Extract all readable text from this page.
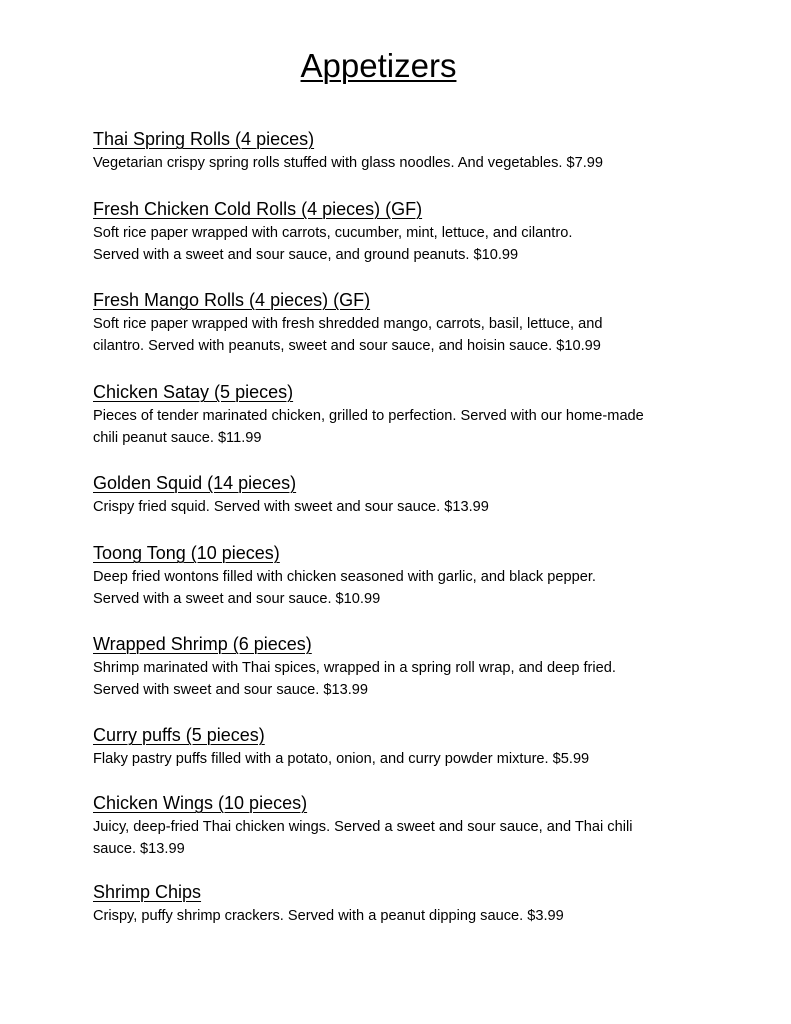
Appetizers
Thai Spring Rolls (4 pieces)
Vegetarian crispy spring rolls stuffed with glass noodles. And vegetables. $7.99
Fresh Chicken Cold Rolls (4 pieces) (GF)
Soft rice paper wrapped with carrots, cucumber, mint, lettuce, and cilantro.
Served with a sweet and sour sauce, and ground peanuts. $10.99
Fresh Mango Rolls (4 pieces) (GF)
Soft rice paper wrapped with fresh shredded mango, carrots, basil, lettuce, and
cilantro. Served with peanuts, sweet and sour sauce, and hoisin sauce. $10.99
Chicken Satay (5 pieces)
Pieces of tender marinated chicken, grilled to perfection. Served with our home-made
chili peanut sauce. $11.99
Golden Squid (14 pieces)
Crispy fried squid. Served with sweet and sour sauce. $13.99
Toong Tong (10 pieces)
Deep fried wontons filled with chicken seasoned with garlic, and black pepper.
Served with a sweet and sour sauce. $10.99
Wrapped Shrimp (6 pieces)
Shrimp marinated with Thai spices, wrapped in a spring roll wrap, and deep fried.
Served with sweet and sour sauce. $13.99
Curry puffs (5 pieces)
Flaky pastry puffs filled with a potato, onion, and curry powder mixture. $5.99
Chicken Wings (10 pieces)
Juicy, deep-fried Thai chicken wings. Served a sweet and sour sauce, and Thai chili
sauce. $13.99
Shrimp Chips
Crispy, puffy shrimp crackers. Served with a peanut dipping sauce. $3.99
